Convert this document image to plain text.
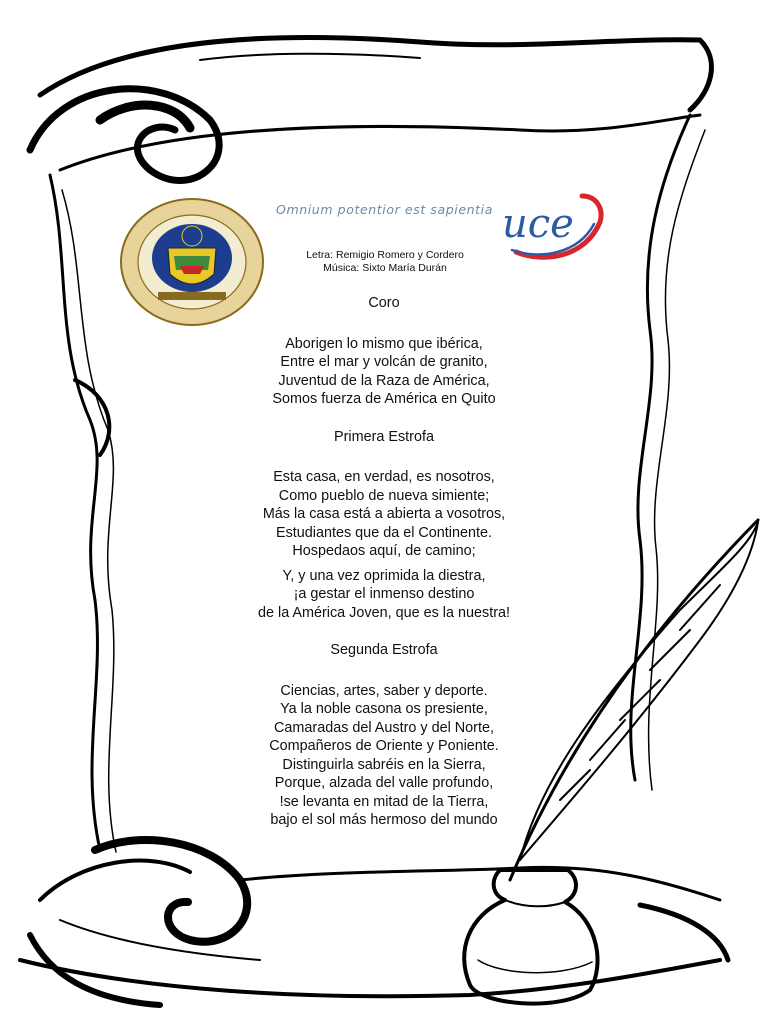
Omnium potentior est sapientia uce
Letra: Remigio Romero y Cordero
Música: Sixto María Durán
Coro
Aborigen lo mismo que ibérica,
Entre el mar y volcán de granito,
Juventud de la Raza de América,
Somos fuerza de América en Quito
Primera Estrofa
Esta casa, en verdad, es nosotros,
Como pueblo de nueva simiente;
Más la casa está a abierta a vosotros,
Estudiantes que da el Continente.
Hospedaos aquí, de camino;
Y, y una vez oprimida la diestra,
¡a gestar el inmenso destino
de la América Joven, que es la nuestra!
Segunda Estrofa
Ciencias, artes, saber y deporte.
Ya la noble casona os presiente,
Camaradas del Austro y del Norte,
Compañeros de Oriente y Poniente.
Distinguirla sabréis en la Sierra,
Porque, alzada del valle profundo,
!se levanta en mitad de la Tierra,
bajo el sol más hermoso del mundo
